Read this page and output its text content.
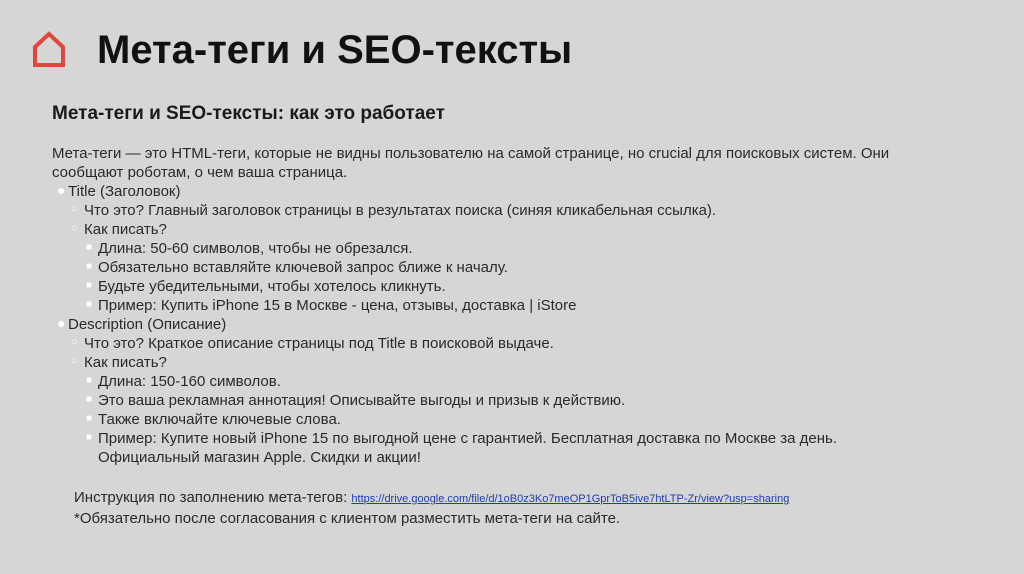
Мета-теги и SEO-тексты
Мета-теги и SEO-тексты: как это работает

Мета-теги — это HTML-теги, которые не видны пользователю на самой странице, но crucial для поисковых систем. Они сообщают роботам, о чем ваша страница.

● Title (Заголовок)
○ Что это? Главный заголовок страницы в результатах поиска (синяя кликабельная ссылка).
○ Как писать?
■ Длина: 50-60 символов, чтобы не обрезался.
■ Обязательно вставляйте ключевой запрос ближе к началу.
■ Будьте убедительными, чтобы хотелось кликнуть.
■ Пример: Купить iPhone 15 в Москве - цена, отзывы, доставка | iStore
● Description (Описание)
○ Что это? Краткое описание страницы под Title в поисковой выдаче.
○ Как писать?
■ Длина: 150-160 символов.
■ Это ваша рекламная аннотация! Описывайте выгоды и призыв к действию.
■ Также включайте ключевые слова.
■ Пример: Купите новый iPhone 15 по выгодной цене с гарантией. Бесплатная доставка по Москве за день. Официальный магазин Apple. Скидки и акции!
Инструкция по заполнению мета-тегов: https://drive.google.com/file/d/1oB0z3Ko7meOP1GprToB5ive7htLTP-Zr/view?usp=sharing
*Обязательно после согласования с клиентом разместить мета-теги на сайте.
